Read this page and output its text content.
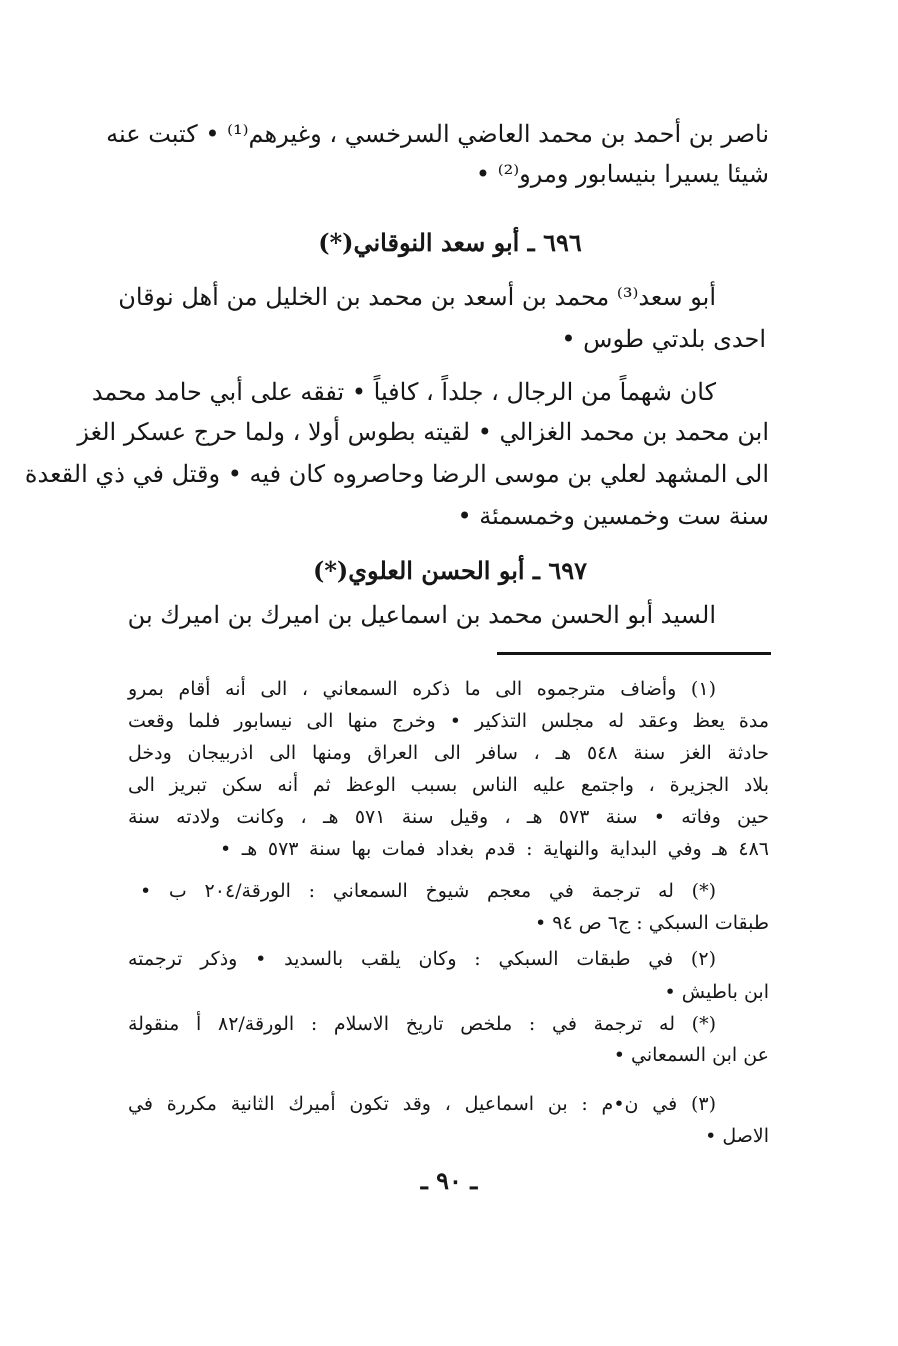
ناصر بن أحمد بن محمد العاضي السرخسي ، وغيرهم⁽¹⁾ • كتبت عنه
شيئا يسيرا بنيسابور ومرو⁽²⁾ •
٦٩٦ ـ أبو سعد النوقاني(*)
أبو سعد⁽³⁾ محمد بن أسعد بن محمد بن الخليل من أهل نوقان
احدى بلدتي طوس •
كان شهماً من الرجال ، جلداً ، كافياً • تفقه على أبي حامد محمد
ابن محمد بن محمد الغزالي • لقيته بطوس أولا ، ولما حرج عسكر الغز
الى المشهد لعلي بن موسى الرضا وحاصروه كان فيه • وقتل في ذي القعدة
سنة ست وخمسين وخمسمئة •
٦٩٧ ـ أبو الحسن العلوي(*)
السيد أبو الحسن محمد بن اسماعيل بن اميرك بن اميرك بن
(١) وأضاف مترجموه الى ما ذكره السمعاني ، الى أنه أقام بمرو
مدة يعظ وعقد له مجلس التذكير • وخرج منها الى نيسابور فلما وقعت
حادثة الغز سنة ٥٤٨ هـ ، سافر الى العراق ومنها الى اذربيجان ودخل
بلاد الجزيرة ، واجتمع عليه الناس بسبب الوعظ ثم أنه سكن تبريز الى
حين وفاته • سنة ٥٧٣ هـ ، وقيل سنة ٥٧١ هـ ، وكانت ولادته سنة
٤٨٦ هـ وفي البداية والنهاية : قدم بغداد فمات بها سنة ٥٧٣ هـ •
(*) له ترجمة في معجم شيوخ السمعاني : الورقة/٢٠٤ ب •
طبقات السبكي : ج٦ ص ٩٤ •
(٢) في طبقات السبكي : وكان يلقب بالسديد • وذكر ترجمته
ابن باطيش •
(*) له ترجمة في : ملخص تاريخ الاسلام : الورقة/٨٢ أ منقولة
عن ابن السمعاني •
(٣) في ن•م : بن اسماعيل ، وقد تكون أميرك الثانية مكررة في
الاصل •
ـ ٩٠ ـ
